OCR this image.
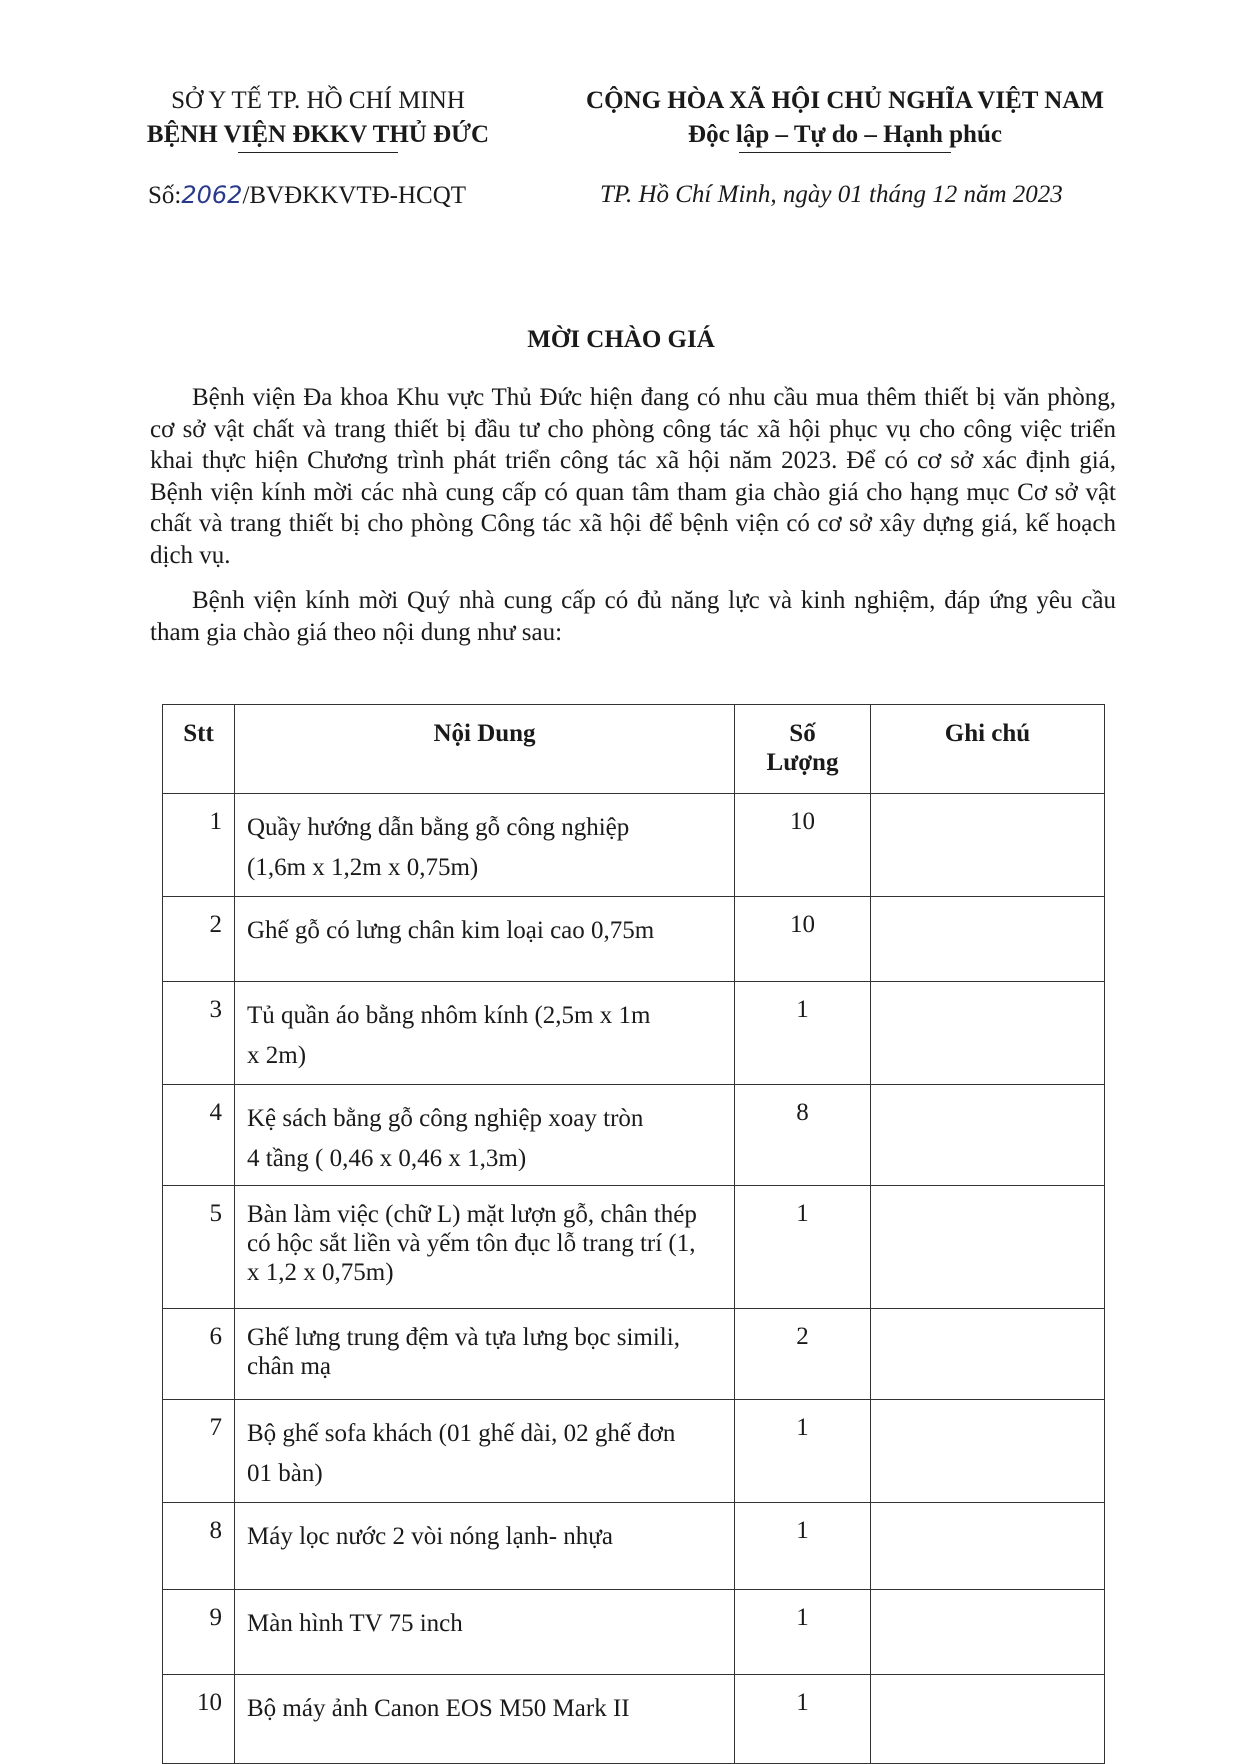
SỞ Y TẾ TP. HỒ CHÍ MINH
BỆNH VIỆN ĐKKV THỦ ĐỨC
CỘNG HÒA XÃ HỘI CHỦ NGHĨA VIỆT NAM
Độc lập – Tự do – Hạnh phúc
Số:2062/BVĐKKVTĐ-HCQT	TP. Hồ Chí Minh, ngày 01 tháng 12 năm 2023
MỜI CHÀO GIÁ
Bệnh viện Đa khoa Khu vực Thủ Đức hiện đang có nhu cầu mua thêm thiết bị văn phòng, cơ sở vật chất và trang thiết bị đầu tư cho phòng công tác xã hội phục vụ cho công việc triển khai thực hiện Chương trình phát triển công tác xã hội năm 2023. Để có cơ sở xác định giá, Bệnh viện kính mời các nhà cung cấp có quan tâm tham gia chào giá cho hạng mục Cơ sở vật chất và trang thiết bị cho phòng Công tác xã hội để bệnh viện có cơ sở xây dựng giá, kế hoạch dịch vụ.
Bệnh viện kính mời Quý nhà cung cấp có đủ năng lực và kinh nghiệm, đáp ứng yêu cầu tham gia chào giá theo nội dung như sau:
Stt	Nội Dung	Số
Lượng	Ghi chú
1	Quầy hướng dẫn bằng gỗ công nghiệp
(1,6m x 1,2m x 0,75m)	10	
2	Ghế gỗ có lưng chân kim loại cao 0,75m	10	
3	Tủ quần áo bằng nhôm kính (2,5m x 1m
x 2m)	1	
4	Kệ sách bằng gỗ công nghiệp xoay tròn
4 tầng ( 0,46 x 0,46 x 1,3m)	8	
5	Bàn làm việc (chữ L) mặt lượn gỗ, chân thép
có hộc sắt liền và yếm tôn đục lỗ trang trí (1,
x 1,2 x 0,75m)	1	
6	Ghế lưng trung đệm và tựa lưng bọc simili,
chân mạ	2	
7	Bộ ghế sofa khách (01 ghế dài, 02 ghế đơn
01 bàn)	1	
8	Máy lọc nước 2 vòi nóng lạnh- nhựa	1	
9	Màn hình TV 75 inch	1	
10	Bộ máy ảnh Canon EOS M50 Mark II	1	
